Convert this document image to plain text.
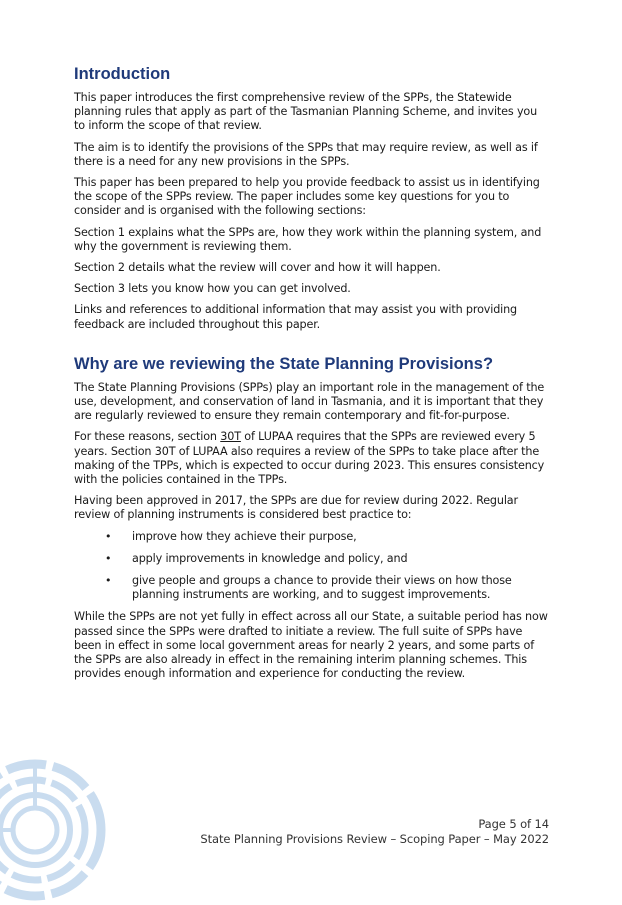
Introduction

This paper introduces the first comprehensive review of the SPPs, the Statewide planning rules that apply as part of the Tasmanian Planning Scheme, and invites you to inform the scope of that review.

The aim is to identify the provisions of the SPPs that may require review, as well as if there is a need for any new provisions in the SPPs.

This paper has been prepared to help you provide feedback to assist us in identifying the scope of the SPPs review. The paper includes some key questions for you to consider and is organised with the following sections:

Section 1 explains what the SPPs are, how they work within the planning system, and why the government is reviewing them.

Section 2 details what the review will cover and how it will happen.

Section 3 lets you know how you can get involved.

Links and references to additional information that may assist you with providing feedback are included throughout this paper.

Why are we reviewing the State Planning Provisions?

The State Planning Provisions (SPPs) play an important role in the management of the use, development, and conservation of land in Tasmania, and it is important that they are regularly reviewed to ensure they remain contemporary and fit-for-purpose.

For these reasons, section 30T of LUPAA requires that the SPPs are reviewed every 5 years. Section 30T of LUPAA also requires a review of the SPPs to take place after the making of the TPPs, which is expected to occur during 2023. This ensures consistency with the policies contained in the TPPs.

Having been approved in 2017, the SPPs are due for review during 2022. Regular review of planning instruments is considered best practice to:

• improve how they achieve their purpose,
• apply improvements in knowledge and policy, and
• give people and groups a chance to provide their views on how those planning instruments are working, and to suggest improvements.

While the SPPs are not yet fully in effect across all our State, a suitable period has now passed since the SPPs were drafted to initiate a review. The full suite of SPPs have been in effect in some local government areas for nearly 2 years, and some parts of the SPPs are also already in effect in the remaining interim planning schemes. This provides enough information and experience for conducting the review.

Page 5 of 14
State Planning Provisions Review – Scoping Paper – May 2022
